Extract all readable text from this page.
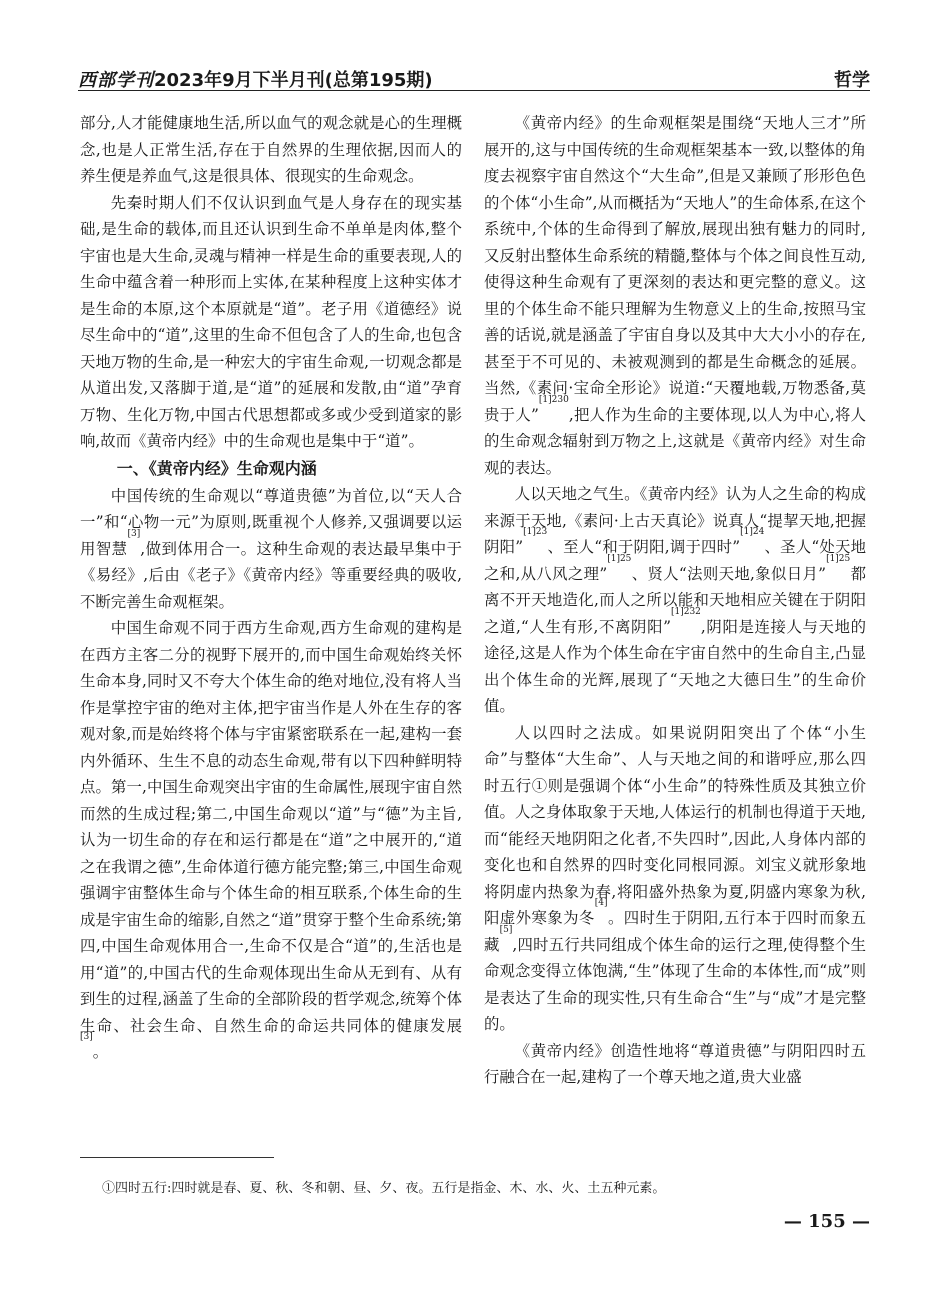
西部学刊2023年9月下半月刊(总第195期)	哲学

部分,人才能健康地生活,所以血气的观念就是心的生理概念,也是人正常生活,存在于自然界的生理依据,因而人的养生便是养血气,这是很具体、很现实的生命观念。

先秦时期人们不仅认识到血气是人身存在的现实基础,是生命的载体,而且还认识到生命不单单是肉体,整个宇宙也是大生命,灵魂与精神一样是生命的重要表现,人的生命中蕴含着一种形而上实体,在某种程度上这种实体才是生命的本原,这个本原就是“道”。老子用《道德经》说尽生命中的“道”,这里的生命不但包含了人的生命,也包含天地万物的生命,是一种宏大的宇宙生命观,一切观念都是从道出发,又落脚于道,是“道”的延展和发散,由“道”孕育万物、生化万物,中国古代思想都或多或少受到道家的影响,故而《黄帝内经》中的生命观也是集中于“道”。

一、《黄帝内经》生命观内涵

中国传统的生命观以“尊道贵德”为首位,以“天人合一”和“心物一元”为原则,既重视个人修养,又强调要以运用智慧[3],做到体用合一。这种生命观的表达最早集中于《易经》,后由《老子》《黄帝内经》等重要经典的吸收,不断完善生命观框架。

中国生命观不同于西方生命观,西方生命观的建构是在西方主客二分的视野下展开的,而中国生命观始终关怀生命本身,同时又不夸大个体生命的绝对地位,没有将人当作是掌控宇宙的绝对主体,把宇宙当作是人外在生存的客观对象,而是始终将个体与宇宙紧密联系在一起,建构一套内外循环、生生不息的动态生命观,带有以下四种鲜明特点。第一,中国生命观突出宇宙的生命属性,展现宇宙自然而然的生成过程;第二,中国生命观以“道”与“德”为主旨,认为一切生命的存在和运行都是在“道”之中展开的,“道之在我谓之德”,生命体道行德方能完整;第三,中国生命观强调宇宙整体生命与个体生命的相互联系,个体生命的生成是宇宙生命的缩影,自然之“道”贯穿于整个生命系统;第四,中国生命观体用合一,生命不仅是合“道”的,生活也是用“道”的,中国古代的生命观体现出生命从无到有、从有到生的过程,涵盖了生命的全部阶段的哲学观念,统筹个体生命、社会生命、自然生命的命运共同体的健康发展[3]。

《黄帝内经》的生命观框架是围绕“天地人三才”所展开的,这与中国传统的生命观框架基本一致,以整体的角度去视察宇宙自然这个“大生命”,但是又兼顾了形形色色的个体“小生命”,从而概括为“天地人”的生命体系,在这个系统中,个体的生命得到了解放,展现出独有魅力的同时,又反射出整体生命系统的精髓,整体与个体之间良性互动,使得这种生命观有了更深刻的表达和更完整的意义。这里的个体生命不能只理解为生物意义上的生命,按照马宝善的话说,就是涵盖了宇宙自身以及其中大大小小的存在,甚至于不可见的、未被观测到的都是生命概念的延展。当然,《素问·宝命全形论》说道:“天覆地载,万物悉备,莫贵于人”$^{[1]230}$,把人作为生命的主要体现,以人为中心,将人的生命观念辐射到万物之上,这就是《黄帝内经》对生命观的表达。

人以天地之气生。《黄帝内经》认为人之生命的构成来源于天地,《素问·上古天真论》说真人“提挈天地,把握阴阳”$^{[1]23}$、至人“和于阴阳,调于四时”$^{[1]24}$、圣人“处天地之和,从八风之理”$^{[1]25}$、贤人“法则天地,象似日月”$^{[1]25}$都离不开天地造化,而人之所以能和天地相应关键在于阴阳之道,“人生有形,不离阴阳”$^{[1]232}$,阴阳是连接人与天地的途径,这是人作为个体生命在宇宙自然中的生命自主,凸显出个体生命的光辉,展现了“天地之大德曰生”的生命价值。

人以四时之法成。如果说阴阳突出了个体“小生命”与整体“大生命”、人与天地之间的和谐呼应,那么四时五行①则是强调个体“小生命”的特殊性质及其独立价值。人之身体取象于天地,人体运行的机制也得道于天地,而“能经天地阴阳之化者,不失四时”,因此,人身体内部的变化也和自然界的四时变化同根同源。刘宝义就形象地将阴虚内热象为春,将阳盛外热象为夏,阴盛内寒象为秋,阳虚外寒象为冬[4]。四时生于阴阳,五行本于四时而象五藏[5],四时五行共同组成个体生命的运行之理,使得整个生命观念变得立体饱满,“生”体现了生命的本体性,而“成”则是表达了生命的现实性,只有生命合“生”与“成”才是完整的。

《黄帝内经》创造性地将“尊道贵德”与阴阳四时五行融合在一起,建构了一个尊天地之道,贵大业盛

①四时五行:四时就是春、夏、秋、冬和朝、昼、夕、夜。五行是指金、木、水、火、土五种元素。
— 155 —
